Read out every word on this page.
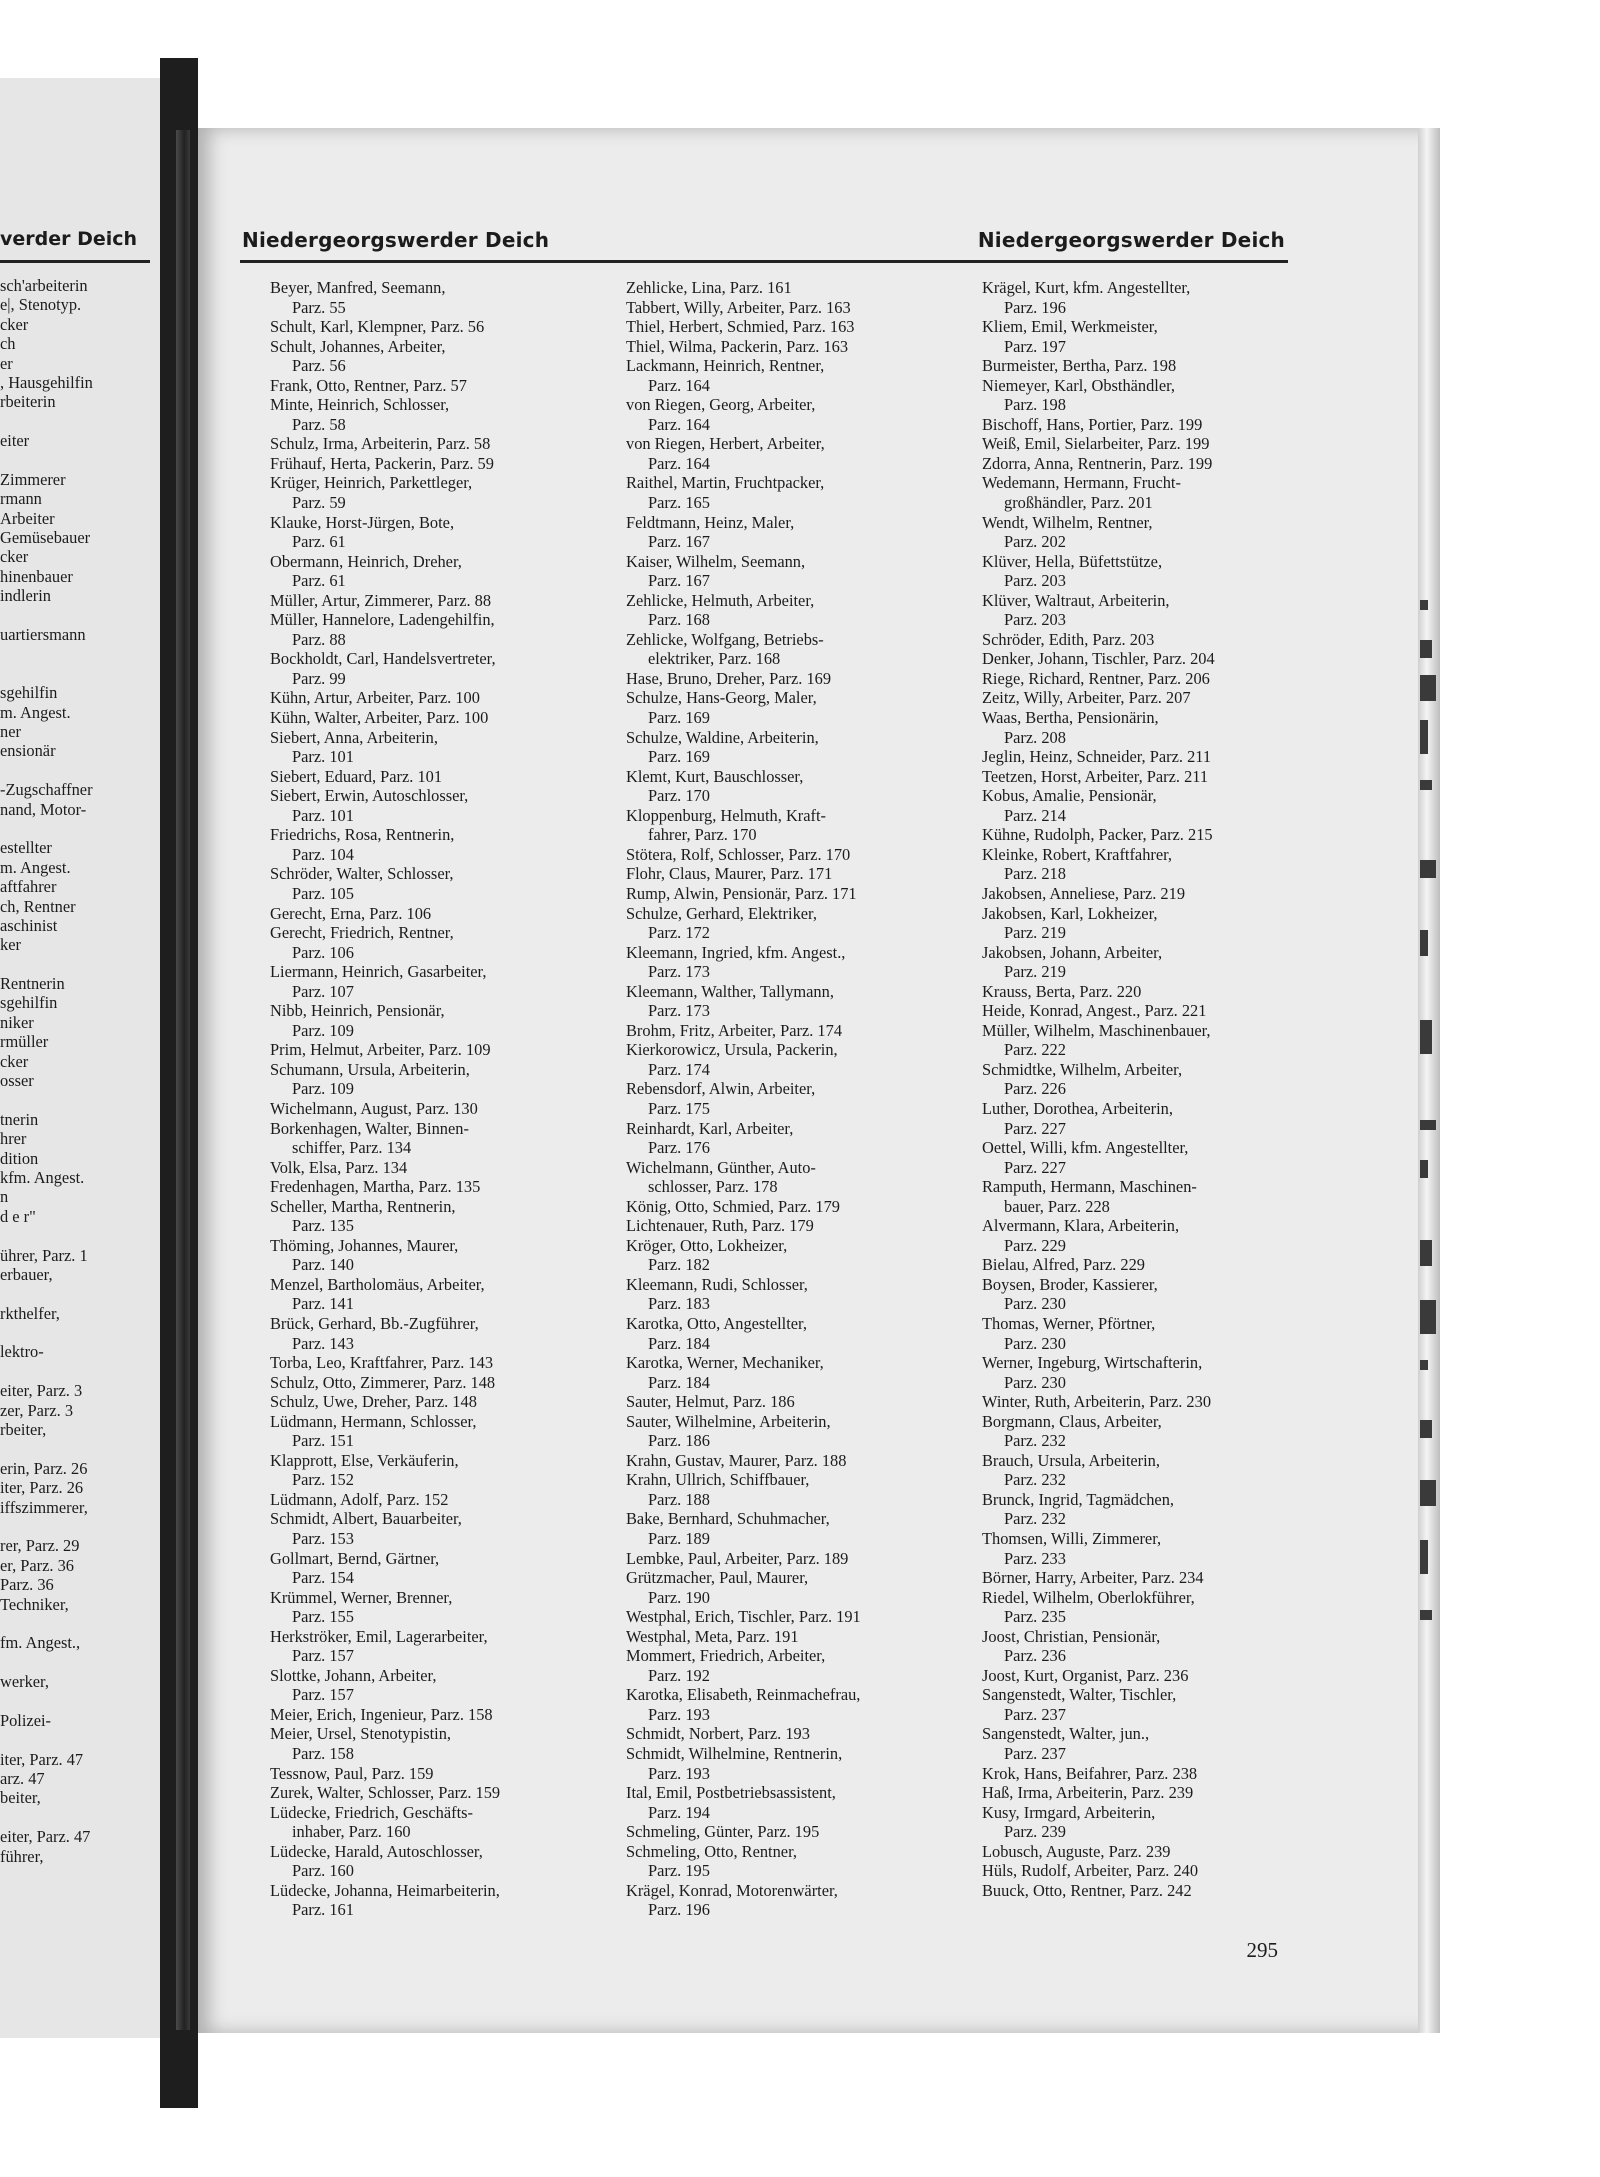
verder Deich
sch'arbeiterin
e|, Stenotyp.
cker
ch
er
, Hausgehilfin
rbeiterin
eiter
Zimmerer
rmann
Arbeiter
Gemüsebauer
cker
hinenbauer
indlerin
uartiersmann
sgehilfin
m. Angest.
ner
ensionär
-Zugschaffner
nand, Motor-
estellter
m. Angest.
aftfahrer
ch, Rentner
aschinist
ker
Rentnerin
sgehilfin
niker
rmüller
cker
osser
tnerin
hrer
dition
kfm. Angest.
n
d e r"
ührer, Parz. 1
erbauer,
rkthelfer,
lektro-
eiter, Parz. 3
zer, Parz. 3
rbeiter,
erin, Parz. 26
iter, Parz. 26
iffszimmerer,
rer, Parz. 29
er, Parz. 36
Parz. 36
Techniker,
fm. Angest.,
werker,
Polizei-
iter, Parz. 47
arz. 47
beiter,
eiter, Parz. 47
führer,
Niedergeorgswerder Deich	Niedergeorgswerder Deich
Beyer, Manfred, Seemann,
Parz. 55
Schult, Karl, Klempner, Parz. 56
Schult, Johannes, Arbeiter,
Parz. 56
Frank, Otto, Rentner, Parz. 57
Minte, Heinrich, Schlosser,
Parz. 58
Schulz, Irma, Arbeiterin, Parz. 58
Frühauf, Herta, Packerin, Parz. 59
Krüger, Heinrich, Parkettleger,
Parz. 59
Klauke, Horst-Jürgen, Bote,
Parz. 61
Obermann, Heinrich, Dreher,
Parz. 61
Müller, Artur, Zimmerer, Parz. 88
Müller, Hannelore, Ladengehilfin,
Parz. 88
Bockholdt, Carl, Handelsvertreter,
Parz. 99
Kühn, Artur, Arbeiter, Parz. 100
Kühn, Walter, Arbeiter, Parz. 100
Siebert, Anna, Arbeiterin,
Parz. 101
Siebert, Eduard, Parz. 101
Siebert, Erwin, Autoschlosser,
Parz. 101
Friedrichs, Rosa, Rentnerin,
Parz. 104
Schröder, Walter, Schlosser,
Parz. 105
Gerecht, Erna, Parz. 106
Gerecht, Friedrich, Rentner,
Parz. 106
Liermann, Heinrich, Gasarbeiter,
Parz. 107
Nibb, Heinrich, Pensionär,
Parz. 109
Prim, Helmut, Arbeiter, Parz. 109
Schumann, Ursula, Arbeiterin,
Parz. 109
Wichelmann, August, Parz. 130
Borkenhagen, Walter, Binnen-
schiffer, Parz. 134
Volk, Elsa, Parz. 134
Fredenhagen, Martha, Parz. 135
Scheller, Martha, Rentnerin,
Parz. 135
Thöming, Johannes, Maurer,
Parz. 140
Menzel, Bartholomäus, Arbeiter,
Parz. 141
Brück, Gerhard, Bb.-Zugführer,
Parz. 143
Torba, Leo, Kraftfahrer, Parz. 143
Schulz, Otto, Zimmerer, Parz. 148
Schulz, Uwe, Dreher, Parz. 148
Lüdmann, Hermann, Schlosser,
Parz. 151
Klapprott, Else, Verkäuferin,
Parz. 152
Lüdmann, Adolf, Parz. 152
Schmidt, Albert, Bauarbeiter,
Parz. 153
Gollmart, Bernd, Gärtner,
Parz. 154
Krümmel, Werner, Brenner,
Parz. 155
Herkströker, Emil, Lagerarbeiter,
Parz. 157
Slottke, Johann, Arbeiter,
Parz. 157
Meier, Erich, Ingenieur, Parz. 158
Meier, Ursel, Stenotypistin,
Parz. 158
Tessnow, Paul, Parz. 159
Zurek, Walter, Schlosser, Parz. 159
Lüdecke, Friedrich, Geschäfts-
inhaber, Parz. 160
Lüdecke, Harald, Autoschlosser,
Parz. 160
Lüdecke, Johanna, Heimarbeiterin,
Parz. 161
Zehlicke, Lina, Parz. 161
Tabbert, Willy, Arbeiter, Parz. 163
Thiel, Herbert, Schmied, Parz. 163
Thiel, Wilma, Packerin, Parz. 163
Lackmann, Heinrich, Rentner,
Parz. 164
von Riegen, Georg, Arbeiter,
Parz. 164
von Riegen, Herbert, Arbeiter,
Parz. 164
Raithel, Martin, Fruchtpacker,
Parz. 165
Feldtmann, Heinz, Maler,
Parz. 167
Kaiser, Wilhelm, Seemann,
Parz. 167
Zehlicke, Helmuth, Arbeiter,
Parz. 168
Zehlicke, Wolfgang, Betriebs-
elektriker, Parz. 168
Hase, Bruno, Dreher, Parz. 169
Schulze, Hans-Georg, Maler,
Parz. 169
Schulze, Waldine, Arbeiterin,
Parz. 169
Klemt, Kurt, Bauschlosser,
Parz. 170
Kloppenburg, Helmuth, Kraft-
fahrer, Parz. 170
Stötera, Rolf, Schlosser, Parz. 170
Flohr, Claus, Maurer, Parz. 171
Rump, Alwin, Pensionär, Parz. 171
Schulze, Gerhard, Elektriker,
Parz. 172
Kleemann, Ingried, kfm. Angest.,
Parz. 173
Kleemann, Walther, Tallymann,
Parz. 173
Brohm, Fritz, Arbeiter, Parz. 174
Kierkorowicz, Ursula, Packerin,
Parz. 174
Rebensdorf, Alwin, Arbeiter,
Parz. 175
Reinhardt, Karl, Arbeiter,
Parz. 176
Wichelmann, Günther, Auto-
schlosser, Parz. 178
König, Otto, Schmied, Parz. 179
Lichtenauer, Ruth, Parz. 179
Kröger, Otto, Lokheizer,
Parz. 182
Kleemann, Rudi, Schlosser,
Parz. 183
Karotka, Otto, Angestellter,
Parz. 184
Karotka, Werner, Mechaniker,
Parz. 184
Sauter, Helmut, Parz. 186
Sauter, Wilhelmine, Arbeiterin,
Parz. 186
Krahn, Gustav, Maurer, Parz. 188
Krahn, Ullrich, Schiffbauer,
Parz. 188
Bake, Bernhard, Schuhmacher,
Parz. 189
Lembke, Paul, Arbeiter, Parz. 189
Grützmacher, Paul, Maurer,
Parz. 190
Westphal, Erich, Tischler, Parz. 191
Westphal, Meta, Parz. 191
Mommert, Friedrich, Arbeiter,
Parz. 192
Karotka, Elisabeth, Reinmachefrau,
Parz. 193
Schmidt, Norbert, Parz. 193
Schmidt, Wilhelmine, Rentnerin,
Parz. 193
Ital, Emil, Postbetriebsassistent,
Parz. 194
Schmeling, Günter, Parz. 195
Schmeling, Otto, Rentner,
Parz. 195
Krägel, Konrad, Motorenwärter,
Parz. 196
Krägel, Kurt, kfm. Angestellter,
Parz. 196
Kliem, Emil, Werkmeister,
Parz. 197
Burmeister, Bertha, Parz. 198
Niemeyer, Karl, Obsthändler,
Parz. 198
Bischoff, Hans, Portier, Parz. 199
Weiß, Emil, Sielarbeiter, Parz. 199
Zdorra, Anna, Rentnerin, Parz. 199
Wedemann, Hermann, Frucht-
großhändler, Parz. 201
Wendt, Wilhelm, Rentner,
Parz. 202
Klüver, Hella, Büfettstütze,
Parz. 203
Klüver, Waltraut, Arbeiterin,
Parz. 203
Schröder, Edith, Parz. 203
Denker, Johann, Tischler, Parz. 204
Riege, Richard, Rentner, Parz. 206
Zeitz, Willy, Arbeiter, Parz. 207
Waas, Bertha, Pensionärin,
Parz. 208
Jeglin, Heinz, Schneider, Parz. 211
Teetzen, Horst, Arbeiter, Parz. 211
Kobus, Amalie, Pensionär,
Parz. 214
Kühne, Rudolph, Packer, Parz. 215
Kleinke, Robert, Kraftfahrer,
Parz. 218
Jakobsen, Anneliese, Parz. 219
Jakobsen, Karl, Lokheizer,
Parz. 219
Jakobsen, Johann, Arbeiter,
Parz. 219
Krauss, Berta, Parz. 220
Heide, Konrad, Angest., Parz. 221
Müller, Wilhelm, Maschinenbauer,
Parz. 222
Schmidtke, Wilhelm, Arbeiter,
Parz. 226
Luther, Dorothea, Arbeiterin,
Parz. 227
Oettel, Willi, kfm. Angestellter,
Parz. 227
Ramputh, Hermann, Maschinen-
bauer, Parz. 228
Alvermann, Klara, Arbeiterin,
Parz. 229
Bielau, Alfred, Parz. 229
Boysen, Broder, Kassierer,
Parz. 230
Thomas, Werner, Pförtner,
Parz. 230
Werner, Ingeburg, Wirtschafterin,
Parz. 230
Winter, Ruth, Arbeiterin, Parz. 230
Borgmann, Claus, Arbeiter,
Parz. 232
Brauch, Ursula, Arbeiterin,
Parz. 232
Brunck, Ingrid, Tagmädchen,
Parz. 232
Thomsen, Willi, Zimmerer,
Parz. 233
Börner, Harry, Arbeiter, Parz. 234
Riedel, Wilhelm, Oberlokführer,
Parz. 235
Joost, Christian, Pensionär,
Parz. 236
Joost, Kurt, Organist, Parz. 236
Sangenstedt, Walter, Tischler,
Parz. 237
Sangenstedt, Walter, jun.,
Parz. 237
Krok, Hans, Beifahrer, Parz. 238
Haß, Irma, Arbeiterin, Parz. 239
Kusy, Irmgard, Arbeiterin,
Parz. 239
Lobusch, Auguste, Parz. 239
Hüls, Rudolf, Arbeiter, Parz. 240
Buuck, Otto, Rentner, Parz. 242
295
